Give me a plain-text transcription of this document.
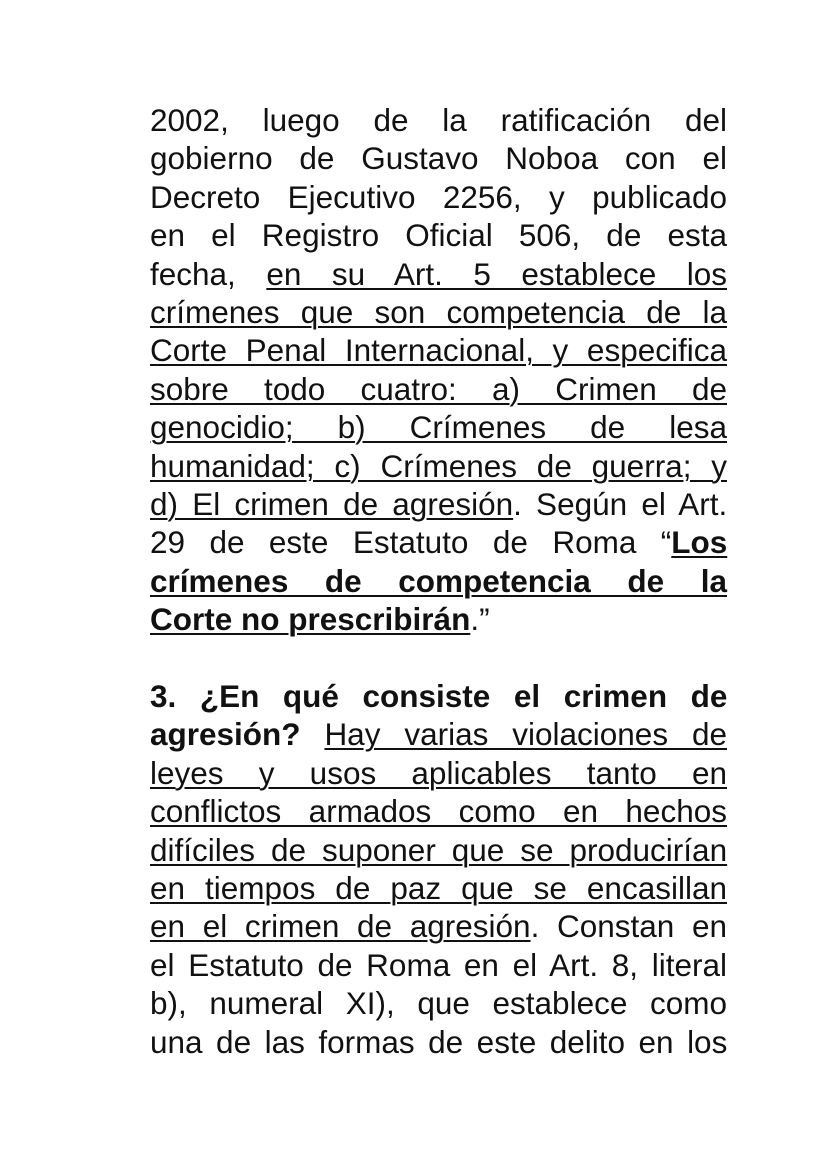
2002, luego de la ratificación del
gobierno de Gustavo Noboa con el
Decreto Ejecutivo 2256, y publicado
en el Registro Oficial 506, de esta
fecha, en su Art. 5 establece los
crímenes que son competencia de la
Corte Penal Internacional, y especifica
sobre todo cuatro: a) Crimen de
genocidio; b) Crímenes de lesa
humanidad; c) Crímenes de guerra; y
d) El crimen de agresión. Según el Art.
29 de este Estatuto de Roma “Los
crímenes de competencia de la
Corte no prescribirán.”
3. ¿En qué consiste el crimen de
agresión? Hay varias violaciones de
leyes y usos aplicables tanto en
conflictos armados como en hechos
difíciles de suponer que se producirían
en tiempos de paz que se encasillan
en el crimen de agresión. Constan en
el Estatuto de Roma en el Art. 8, literal
b), numeral XI), que establece como
una de las formas de este delito en los
